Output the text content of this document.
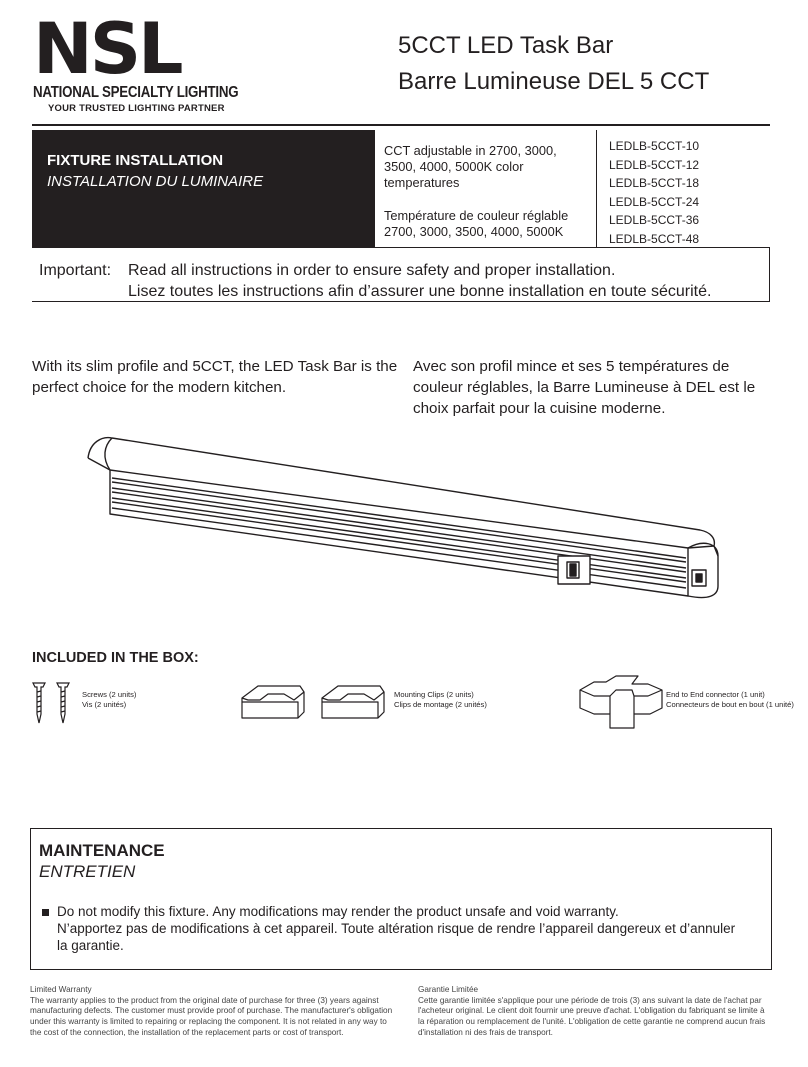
NSL
NATIONAL SPECIALTY LIGHTING
YOUR TRUSTED LIGHTING PARTNER
5CCT LED Task Bar
Barre Lumineuse DEL 5 CCT
FIXTURE INSTALLATION
INSTALLATION DU LUMINAIRE
CCT adjustable in 2700, 3000, 3500, 4000, 5000K color temperatures
Température de couleur réglable 2700, 3000, 3500, 4000, 5000K
LEDLB-5CCT-10
LEDLB-5CCT-12
LEDLB-5CCT-18
LEDLB-5CCT-24
LEDLB-5CCT-36
LEDLB-5CCT-48
Important: Read all instructions in order to ensure safety and proper installation.
Lisez toutes les instructions afin d’assurer une bonne installation en toute sécurité.
With its slim profile and 5CCT, the LED Task Bar is the perfect choice for the modern kitchen.
Avec son profil mince et ses 5 températures de couleur réglables, la Barre Lumineuse à DEL est le choix parfait pour la cuisine moderne.
INCLUDED IN THE BOX:
Screws (2 units)
Vis (2 unités)
Mounting Clips (2 units)
Clips de montage (2 unités)
End to End connector (1 unit)
Connecteurs de bout en bout (1 unité)
MAINTENANCE
ENTRETIEN
Do not modify this fixture. Any modifications may render the product unsafe and void warranty.
N’apportez pas de modifications à cet appareil. Toute altération risque de rendre l’appareil dangereux et d’annuler la garantie.
Limited Warranty
The warranty applies to the product from the original date of purchase for three (3) years against manufacturing defects. The customer must provide proof of purchase. The manufacturer's obligation under this warranty is limited to repairing or replacing the component. It is not related in any way to the cost of the connection, the installation of the replacement parts or cost of transport.
Garantie Limitée
Cette garantie limitée s'applique pour une période de trois (3) ans suivant la date de l'achat par l'acheteur original. Le client doit fournir une preuve d'achat. L'obligation du fabriquant se limite à la réparation ou remplacement de l'unité. L'obligation de cette garantie ne comprend aucun frais d'installation ni des frais de transport.
